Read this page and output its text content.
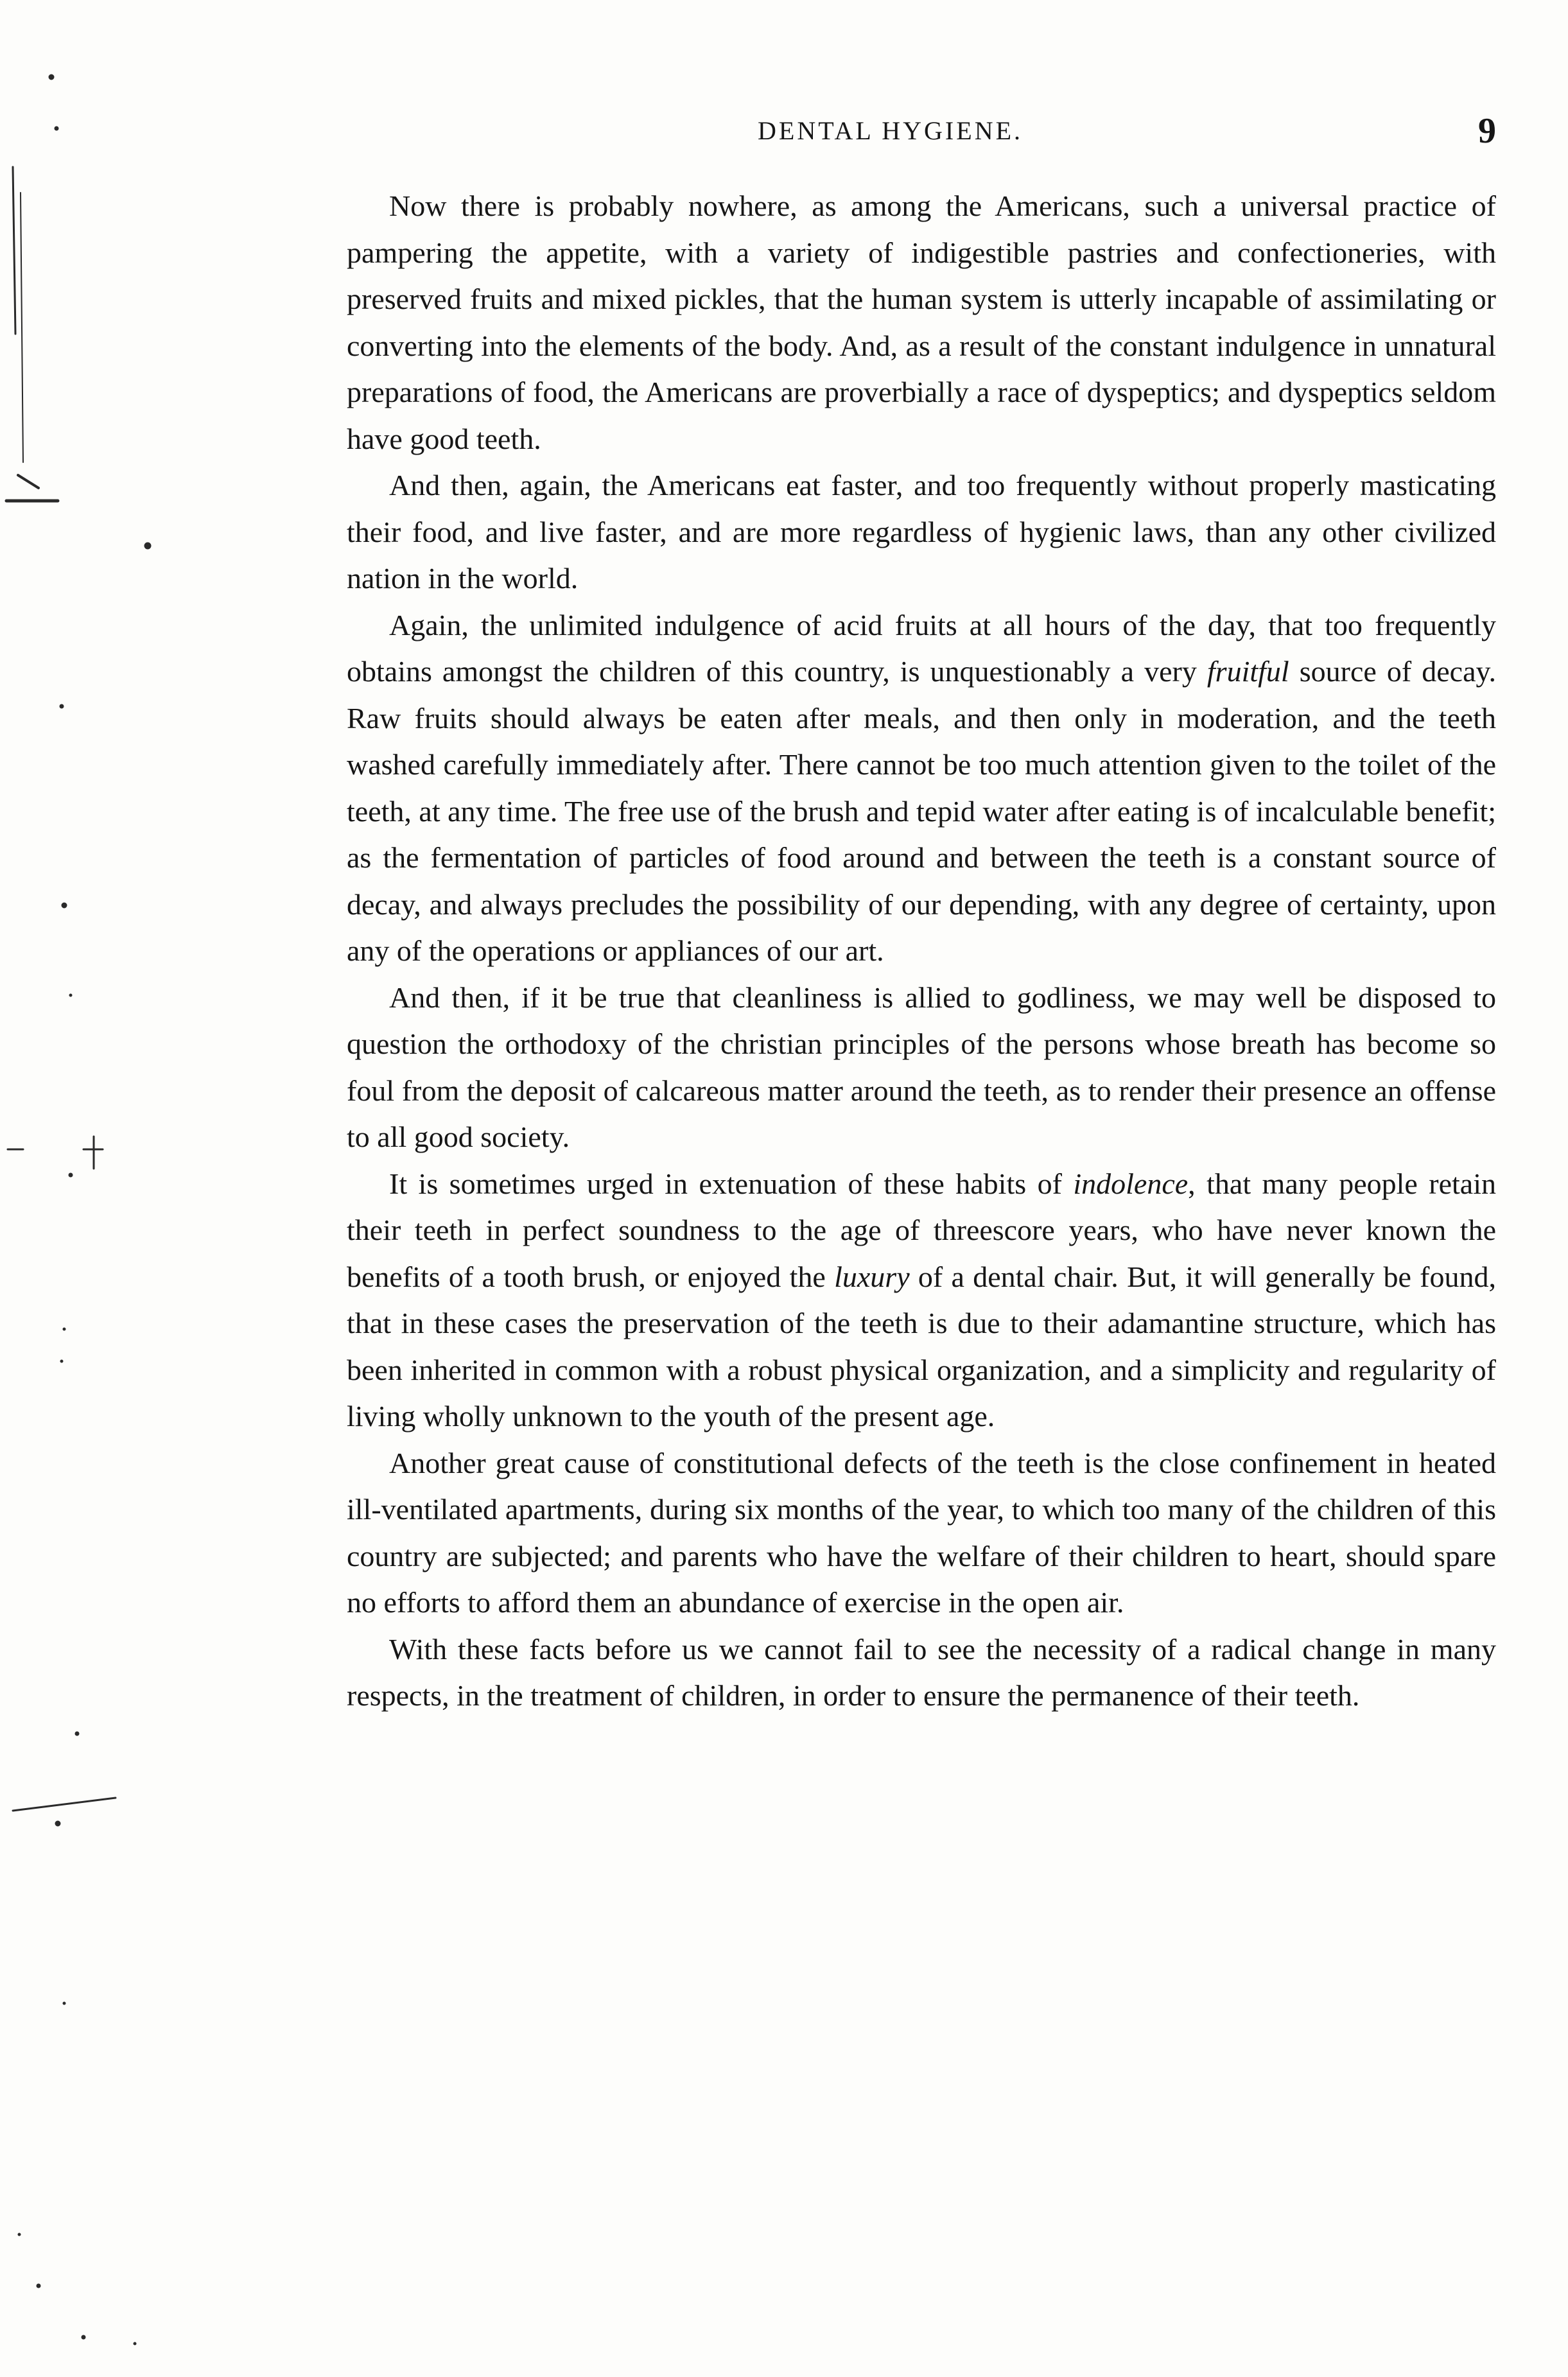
DENTAL HYGIENE.	9

Now there is probably nowhere, as among the Americans, such a universal practice of pampering the appetite, with a variety of indigestible pastries and confectioneries, with preserved fruits and mixed pickles, that the human system is utterly incapable of assimilating or converting into the elements of the body. And, as a result of the constant indulgence in unnatural preparations of food, the Americans are proverbially a race of dyspeptics; and dyspeptics seldom have good teeth.

And then, again, the Americans eat faster, and too frequently without properly masticating their food, and live faster, and are more regardless of hygienic laws, than any other civilized nation in the world.

Again, the unlimited indulgence of acid fruits at all hours of the day, that too frequently obtains amongst the children of this country, is unquestionably a very fruitful source of decay. Raw fruits should always be eaten after meals, and then only in moderation, and the teeth washed carefully immediately after. There cannot be too much attention given to the toilet of the teeth, at any time. The free use of the brush and tepid water after eating is of incalculable benefit; as the fermentation of particles of food around and between the teeth is a constant source of decay, and always precludes the possibility of our depending, with any degree of certainty, upon any of the operations or appliances of our art.

And then, if it be true that cleanliness is allied to godliness, we may well be disposed to question the orthodoxy of the christian principles of the persons whose breath has become so foul from the deposit of calcareous matter around the teeth, as to render their presence an offense to all good society.

It is sometimes urged in extenuation of these habits of indolence, that many people retain their teeth in perfect soundness to the age of threescore years, who have never known the benefits of a tooth brush, or enjoyed the luxury of a dental chair. But, it will generally be found, that in these cases the preservation of the teeth is due to their adamantine structure, which has been inherited in common with a robust physical organization, and a simplicity and regularity of living wholly unknown to the youth of the present age.

Another great cause of constitutional defects of the teeth is the close confinement in heated ill-ventilated apartments, during six months of the year, to which too many of the children of this country are subjected; and parents who have the welfare of their children to heart, should spare no efforts to afford them an abundance of exercise in the open air.

With these facts before us we cannot fail to see the necessity of a radical change in many respects, in the treatment of children, in order to ensure the permanence of their teeth.
